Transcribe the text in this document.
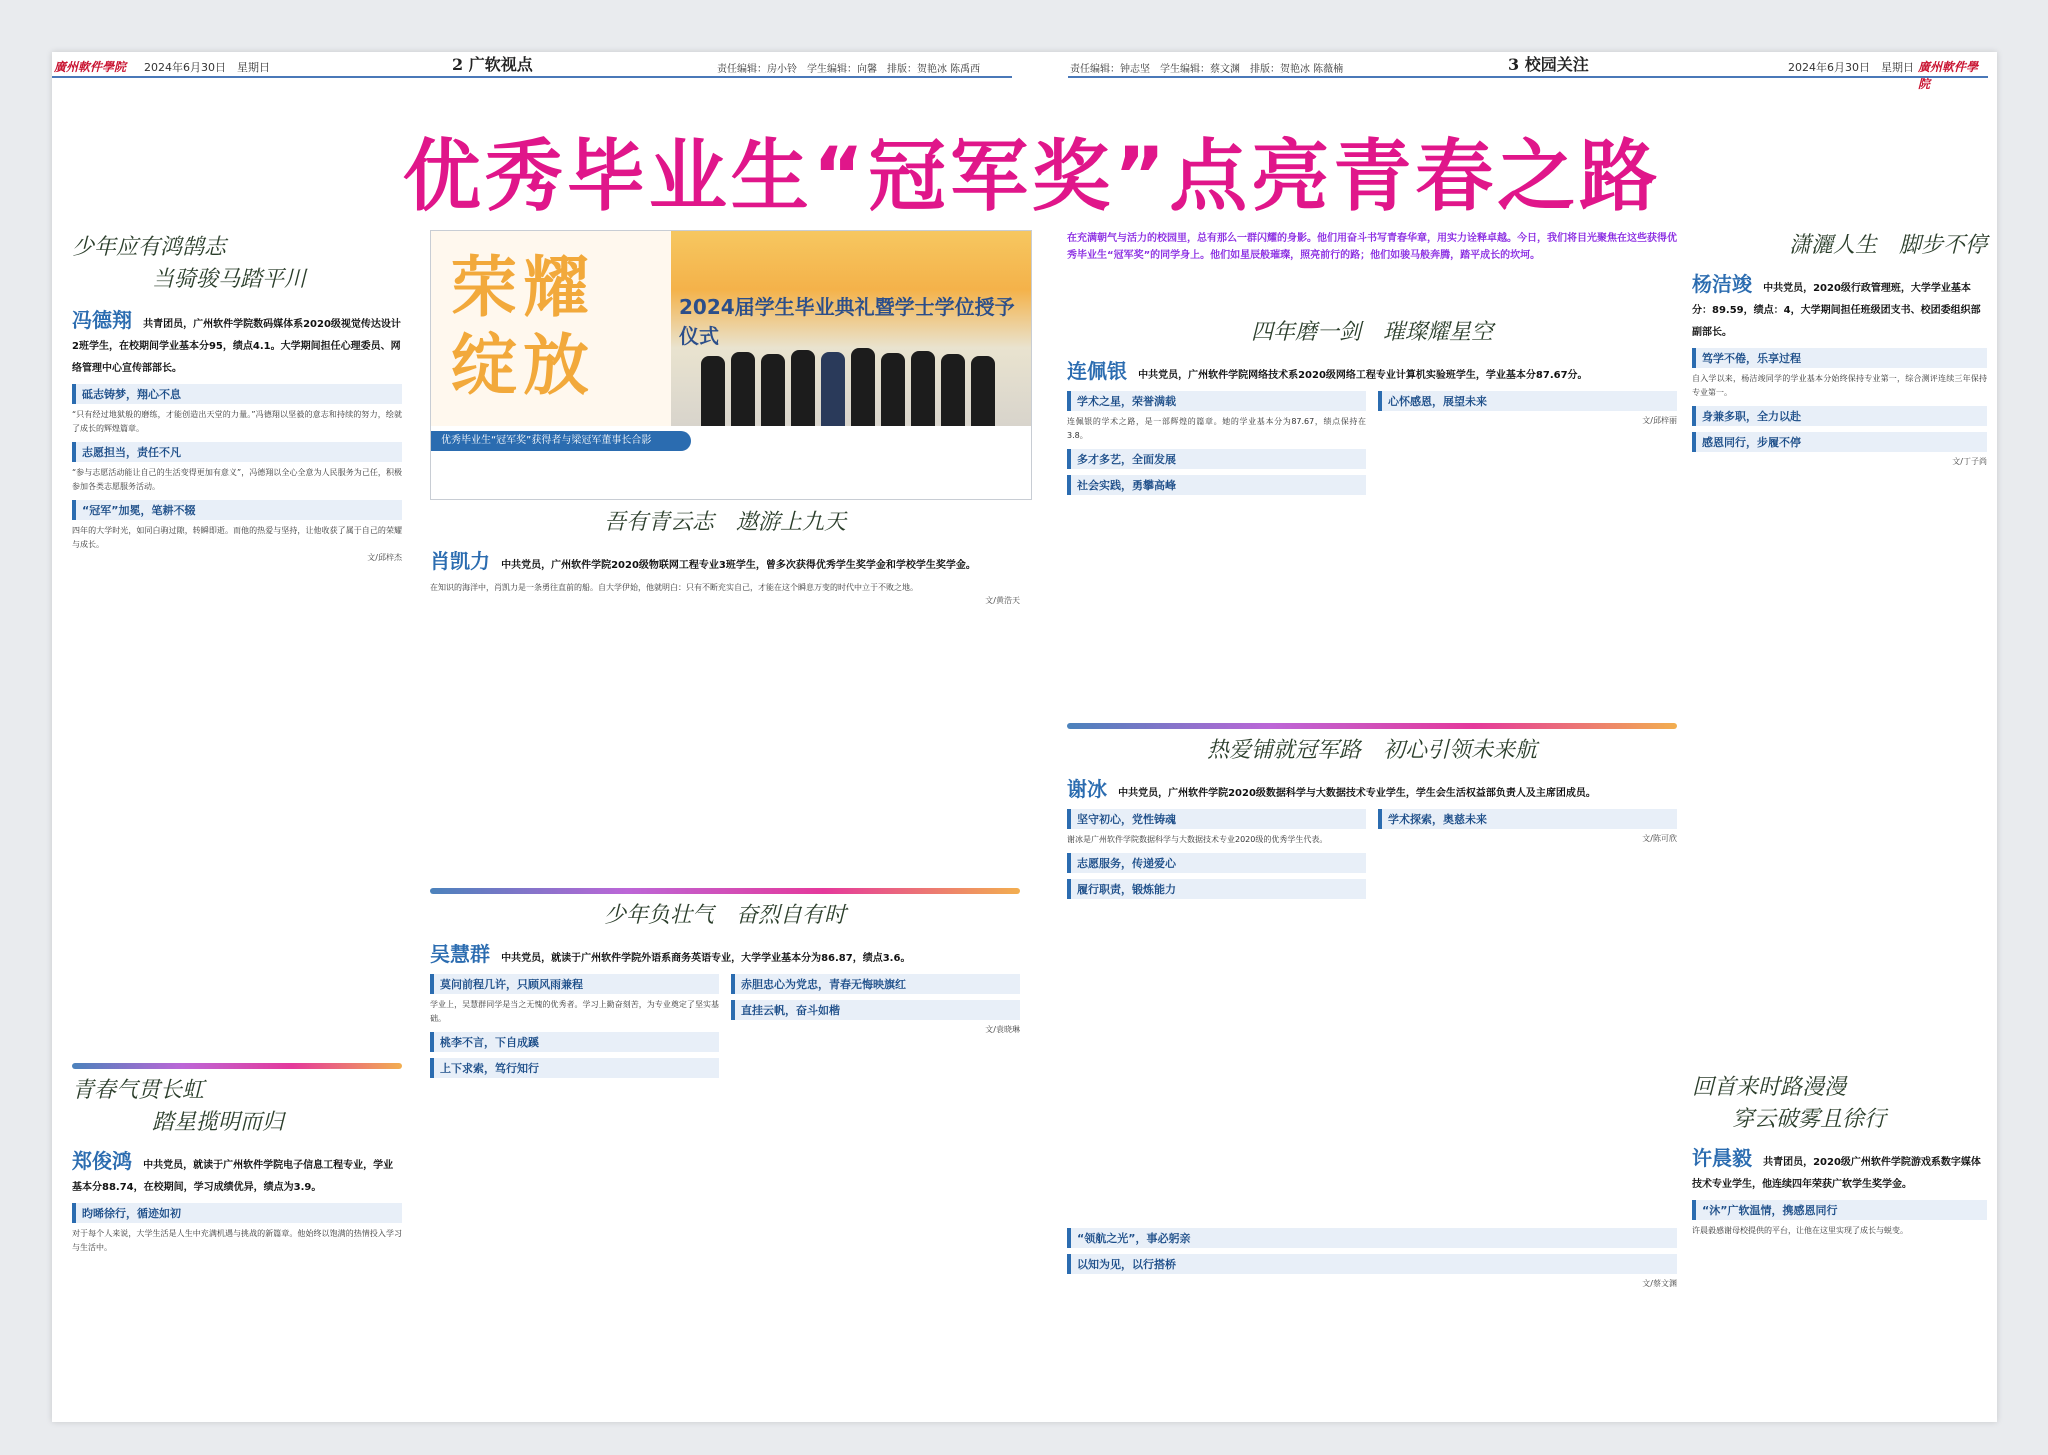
廣州軟件學院 2024年6月30日　星期日	2 广软视点	责任编辑：房小铃　学生编辑：向馨　排版：贺艳冰 陈禹西	责任编辑：钟志坚　学生编辑：蔡文渊　排版：贺艳冰 陈薇楠	3 校园关注	2024年6月30日　星期日 廣州軟件學院
优秀毕业生“冠军奖”点亮青春之路
荣耀绽放
2024届学生毕业典礼暨学士学位授予仪式
优秀毕业生“冠军奖”获得者与梁冠军董事长合影
少年应有鸿鹄志
当骑骏马踏平川
冯德翔 共青团员，广州软件学院数码媒体系2020级视觉传达设计2班学生，在校期间学业基本分95，绩点4.1。大学期间担任心理委员、网络管理中心宣传部部长。
砥志铸梦，翔心不息
“只有经过地狱般的磨练，才能创造出天堂的力量。”冯德翔以坚毅的意志和持续的努力，绘就了成长的辉煌篇章。
志愿担当，责任不凡
“参与志愿活动能让自己的生活变得更加有意义”，冯德翔以全心全意为人民服务为己任，积极参加各类志愿服务活动。
“冠军”加冕，笔耕不辍
四年的大学时光，如同白驹过隙，转瞬即逝。而他的热爱与坚持，让他收获了属于自己的荣耀与成长。
文/邱梓杰
青春气贯长虹
踏星揽明而归
郑俊鸿 中共党员，就读于广州软件学院电子信息工程专业，学业基本分88.74，在校期间，学习成绩优异，绩点为3.9。
昀晞徐行，循迹如初
对于每个人来说，大学生活是人生中充满机遇与挑战的新篇章。他始终以饱满的热情投入学习与生活中。
吾有青云志　遨游上九天
肖凯力 中共党员，广州软件学院2020级物联网工程专业3班学生，曾多次获得优秀学生奖学金和学校学生奖学金。
在知识的海洋中，肖凯力是一条勇往直前的船。自大学伊始，他就明白：只有不断充实自己，才能在这个瞬息万变的时代中立于不败之地。
文/黄浩天
少年负壮气　奋烈自有时
吴慧群 中共党员，就读于广州软件学院外语系商务英语专业，大学学业基本分为86.87，绩点3.6。
莫问前程几许，只顾风雨兼程
学业上，吴慧群同学是当之无愧的优秀者。学习上勤奋刻苦，为专业奠定了坚实基础。
桃李不言，下自成蹊
上下求索，笃行知行
赤胆忠心为党忠，青春无悔映旗红
直挂云帆，奋斗如楷
文/袁晓琳
在充满朝气与活力的校园里，总有那么一群闪耀的身影。他们用奋斗书写青春华章，用实力诠释卓越。今日，我们将目光聚焦在这些获得优秀毕业生“冠军奖”的同学身上。他们如星辰般璀璨，照亮前行的路；他们如骏马般奔腾，踏平成长的坎坷。
四年磨一剑　璀璨耀星空
连佩银 中共党员，广州软件学院网络技术系2020级网络工程专业计算机实验班学生，学业基本分87.67分。
学术之星，荣誉满载
连佩银的学术之路，是一部辉煌的篇章。她的学业基本分为87.67，绩点保持在3.8。
多才多艺，全面发展
社会实践，勇攀高峰
心怀感恩，展望未来
文/邱梓丽
热爱铺就冠军路　初心引领未来航
谢冰 中共党员，广州软件学院2020级数据科学与大数据技术专业学生，学生会生活权益部负责人及主席团成员。
坚守初心，党性铸魂
谢冰是广州软件学院数据科学与大数据技术专业2020级的优秀学生代表。
志愿服务，传递爱心
履行职责，锻炼能力
学术探索，奥慈未来
文/陈可欣
潇灑人生　脚步不停
杨洁竣 中共党员，2020级行政管理班，大学学业基本分：89.59，绩点：4，大学期间担任班级团支书、校团委组织部副部长。
笃学不倦，乐享过程
自入学以来，杨洁竣同学的学业基本分始终保持专业第一，综合测评连续三年保持专业第一。
身兼多职，全力以赴
感恩同行，步履不停
文/丁子尚
回首来时路漫漫
穿云破雾且徐行
许晨毅 共青团员，2020级广州软件学院游戏系数字媒体技术专业学生，他连续四年荣获广软学生奖学金。
“沐”广软温情，携感恩同行
许晨毅感谢母校提供的平台，让他在这里实现了成长与蜕变。
“领航之光”，事必躬亲
以知为见，以行搭桥
文/蔡文渊
